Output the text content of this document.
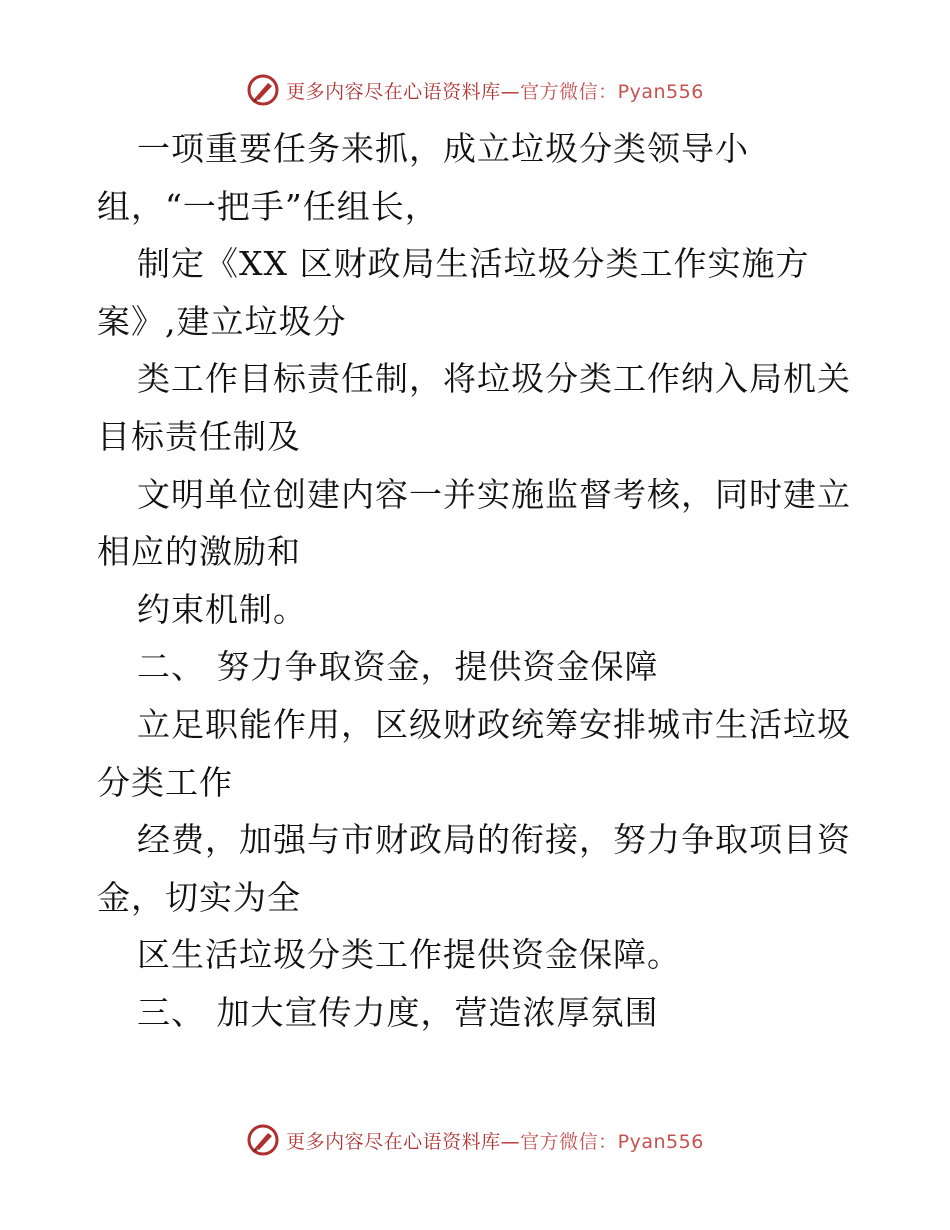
更多内容尽在心语资料库—官方微信：Pyan556
一项重要任务来抓，成立垃圾分类领导小
组，“一把手”任组长，
制定《XX 区财政局生活垃圾分类工作实施方
案》,建立垃圾分
类工作目标责任制，将垃圾分类工作纳入局机关
目标责任制及
文明单位创建内容一并实施监督考核，同时建立
相应的激励和
约束机制。
二、 努力争取资金，提供资金保障
立足职能作用，区级财政统筹安排城市生活垃圾
分类工作
经费，加强与市财政局的衔接，努力争取项目资
金，切实为全
区生活垃圾分类工作提供资金保障。
三、 加大宣传力度，营造浓厚氛围
更多内容尽在心语资料库—官方微信：Pyan556
